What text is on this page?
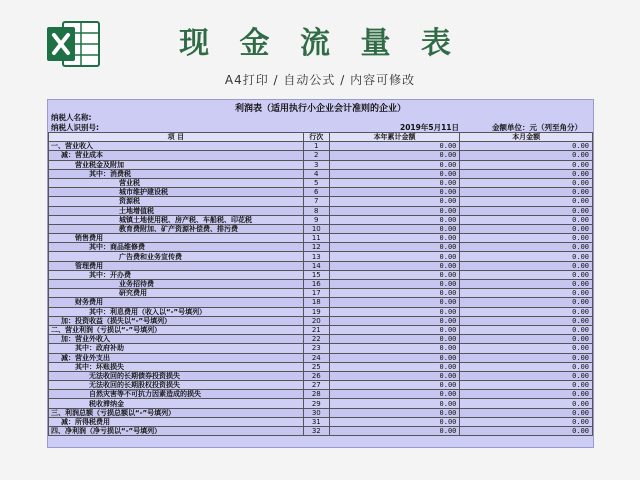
现 金 流 量 表
A4打印 / 自动公式 / 内容可修改
利润表（适用执行小企业会计准则的企业）
纳税人名称:
纳税人识别号:	2019年5月11日	金额单位：元（列至角分）
项 目	行次	本年累计金额	本月金额
一、营业收入	1	0.00	0.00
减：营业成本	2	0.00	0.00
营业税金及附加	3	0.00	0.00
其中：消费税	4	0.00	0.00
营业税	5	0.00	0.00
城市维护建设税	6	0.00	0.00
资源税	7	0.00	0.00
土地增值税	8	0.00	0.00
城镇土地使用税、房产税、车船税、印花税	9	0.00	0.00
教育费附加、矿产资源补偿费、排污费	10	0.00	0.00
销售费用	11	0.00	0.00
其中：商品维修费	12	0.00	0.00
广告费和业务宣传费	13	0.00	0.00
管理费用	14	0.00	0.00
其中：开办费	15	0.00	0.00
业务招待费	16	0.00	0.00
研究费用	17	0.00	0.00
财务费用	18	0.00	0.00
其中：利息费用（收入以“-”号填列）	19	0.00	0.00
加：投资收益（损失以“-”号填列）	20	0.00	0.00
二、营业利润（亏损以“-”号填列）	21	0.00	0.00
加：营业外收入	22	0.00	0.00
其中：政府补助	23	0.00	0.00
减：营业外支出	24	0.00	0.00
其中：坏账损失	25	0.00	0.00
无法收回的长期债券投资损失	26	0.00	0.00
无法收回的长期股权投资损失	27	0.00	0.00
自然灾害等不可抗力因素造成的损失	28	0.00	0.00
税收滞纳金	29	0.00	0.00
三、利润总额（亏损总额以“-”号填列）	30	0.00	0.00
减：所得税费用	31	0.00	0.00
四、净利润（净亏损以“-”号填列）	32	0.00	0.00
